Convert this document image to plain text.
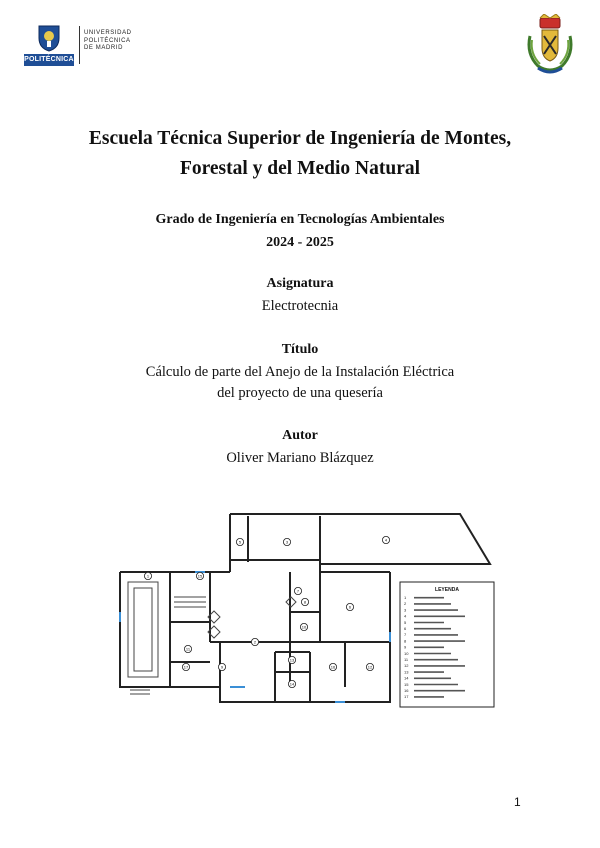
POLITÉCNICA
UNIVERSIDAD
POLITÉCNICA
DE MADRID
Escuela Técnica Superior de Ingeniería de Montes,
Forestal y del Medio Natural
Grado de Ingeniería en Tecnologías Ambientales
2024 - 2025
Asignatura
Electrotecnia
Título
Cálculo de parte del Anejo de la Instalación Eléctrica
del proyecto de una quesería
Autor
Oliver Mariano Blázquez
1
2
3	4
5
6
7
8
9
10
11
12
13
14
15
16
17
LEYENDA
1
2
3
4
5
6
7
8
9
10
11
12
13
14
15
16
17
1
